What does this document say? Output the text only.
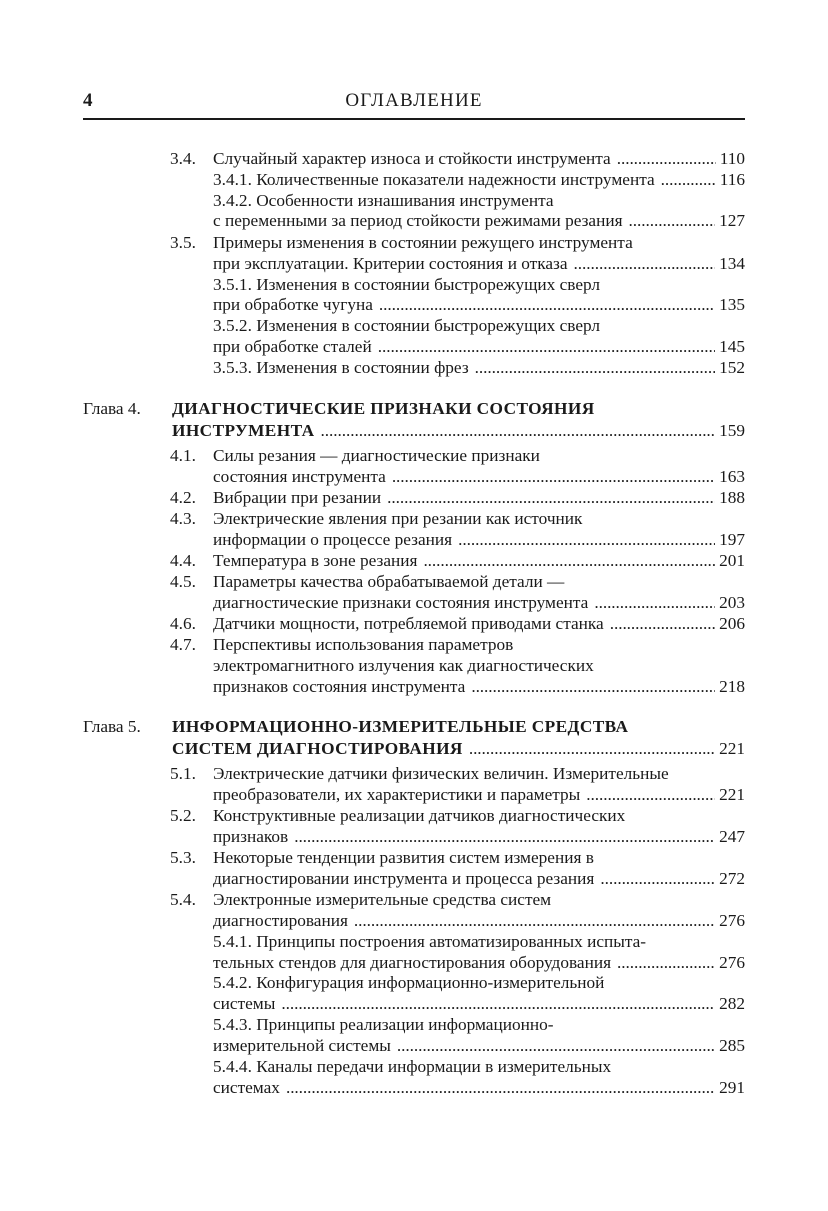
4	ОГЛАВЛЕНИЕ
3.4. Случайный характер износа и стойкости инструмента . . .	110
3.4.1. Количественные показатели надежности инструмента . . .	116
3.4.2. Особенности изнашивания инструмента
с переменными за период стойкости режимами резания . . .	127
3.5. Примеры изменения в состоянии режущего инструмента
при эксплуатации. Критерии состояния и отказа . . .	134
3.5.1. Изменения в состоянии быстрорежущих сверл
при обработке чугуна . . .	135
3.5.2. Изменения в состоянии быстрорежущих сверл
при обработке сталей . . .	145
3.5.3. Изменения в состоянии фрез . . .	152
Глава 4. ДИАГНОСТИЧЕСКИЕ ПРИЗНАКИ СОСТОЯНИЯ
ИНСТРУМЕНТА . . .	159
4.1. Силы резания — диагностические признаки
состояния инструмента . . .	163
4.2. Вибрации при резании . . .	188
4.3. Электрические явления при резании как источник
информации о процессе резания . . .	197
4.4. Температура в зоне резания . . .	201
4.5. Параметры качества обрабатываемой детали —
диагностические признаки состояния инструмента . . .	203
4.6. Датчики мощности, потребляемой приводами станка . . .	206
4.7. Перспективы использования параметров
электромагнитного излучения как диагностических
признаков состояния инструмента . . .	218
Глава 5. ИНФОРМАЦИОННО-ИЗМЕРИТЕЛЬНЫЕ СРЕДСТВА
СИСТЕМ ДИАГНОСТИРОВАНИЯ . . .	221
5.1. Электрические датчики физических величин. Измерительные
преобразователи, их характеристики и параметры . . .	221
5.2. Конструктивные реализации датчиков диагностических
признаков . . .	247
5.3. Некоторые тенденции развития систем измерения в
диагностировании инструмента и процесса резания . . .	272
5.4. Электронные измерительные средства систем
диагностирования . . .	276
5.4.1. Принципы построения автоматизированных испыта-
тельных стендов для диагностирования оборудования . . .	276
5.4.2. Конфигурация информационно-измерительной
системы . . .	282
5.4.3. Принципы реализации информационно-
измерительной системы . . .	285
5.4.4. Каналы передачи информации в измерительных
системах . . .	291
